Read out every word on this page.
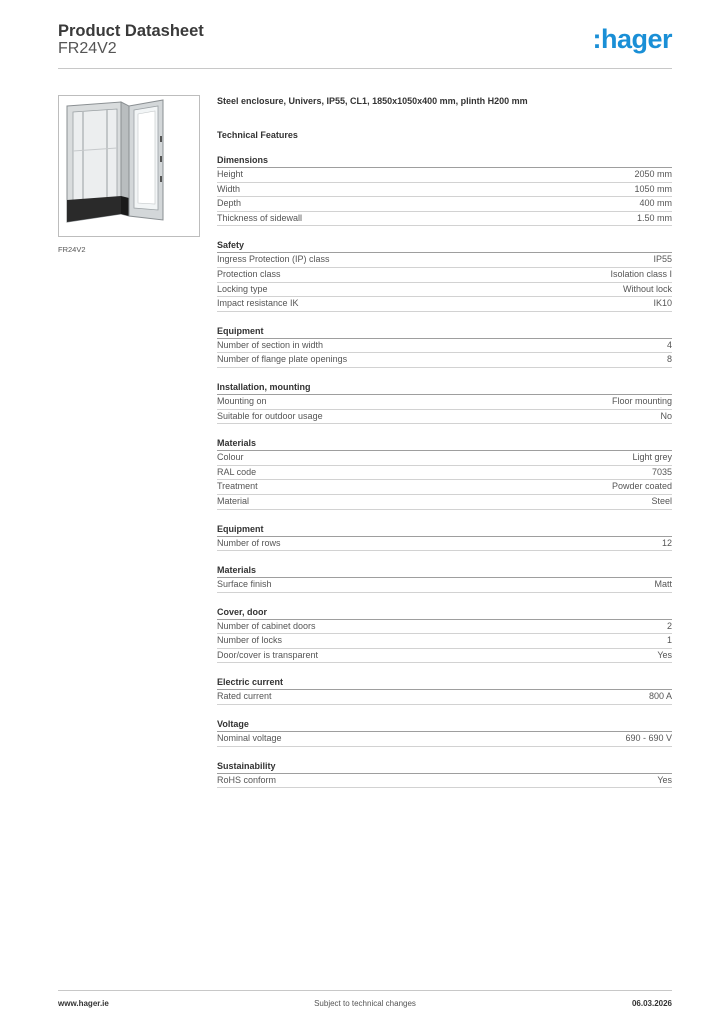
Product Datasheet
FR24V2	:hager
FR24V2
Steel enclosure, Univers, IP55, CL1, 1850x1050x400 mm, plinth H200 mm
Technical Features
Dimensions
Height	2050 mm
Width	1050 mm
Depth	400 mm
Thickness of sidewall	1.50 mm
Safety
Ingress Protection (IP) class	IP55
Protection class	Isolation class I
Locking type	Without lock
Impact resistance IK	IK10
Equipment
Number of section in width	4
Number of flange plate openings	8
Installation, mounting
Mounting on	Floor mounting
Suitable for outdoor usage	No
Materials
Colour	Light grey
RAL code	7035
Treatment	Powder coated
Material	Steel
Equipment
Number of rows	12
Materials
Surface finish	Matt
Cover, door
Number of cabinet doors	2
Number of locks	1
Door/cover is transparent	Yes
Electric current
Rated current	800 A
Voltage
Nominal voltage	690 - 690 V
Sustainability
RoHS conform	Yes
www.hager.ie	Subject to technical changes	06.03.2026
